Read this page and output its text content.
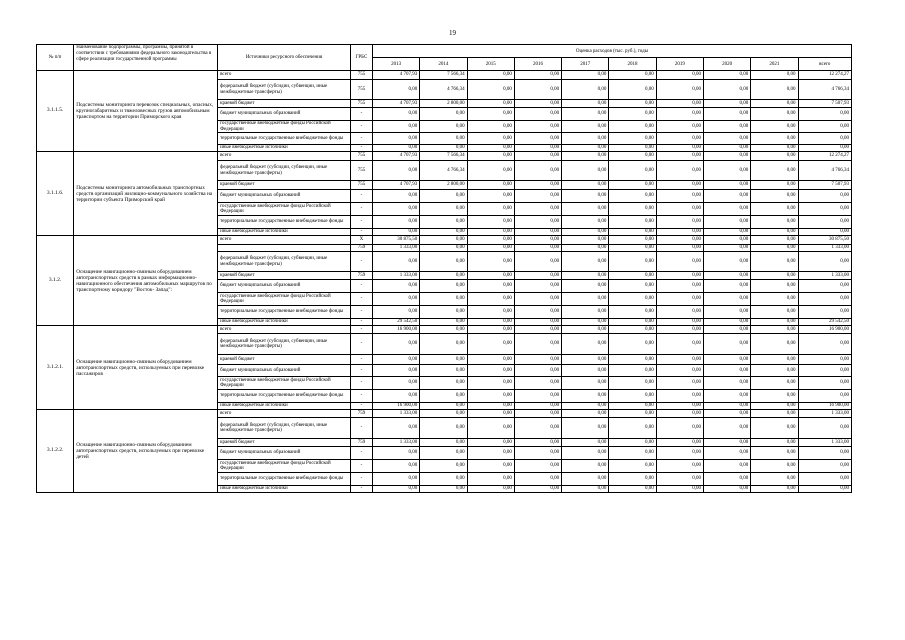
19
№ п/п	Наименование подпрограммы, программы, принятой в соответствии с требованиями федерального законодательства в сфере реализации государственной программы	Источники ресурсного обеспечения	ГРБС	Оценка расходов (тыс. руб.), годы									
				2013	2014	2015	2016	2017	2018	2019	2020	2021	всего
3.1.1.5.	Подсистемы мониторинга перевозок специальных, опасных, крупногабаритных и тяжеловесных грузов автомобильным транспортом на территории Приморского края	всего	755	4 707,93	7 566,34	0,00	0,00	0,00	0,00	0,00	0,00	0,00	12 274,27
		федеральный бюджет (субсидии, субвенции, иные межбюджетные трансферты)	755	0,00	4 766,34	0,00	0,00	0,00	0,00	0,00	0,00	0,00	4 766,34
		краевой бюджет	755	4 707,93	2 800,00	0,00	0,00	0,00	0,00	0,00	0,00	0,00	7 507,93
		бюджет муниципальных образований	-	0,00	0,00	0,00	0,00	0,00	0,00	0,00	0,00	0,00	0,00
		государственные внебюджетные фонды Российской Федерации	-	0,00	0,00	0,00	0,00	0,00	0,00	0,00	0,00	0,00	0,00
		территориальные государственные внебюджетные фонды	-	0,00	0,00	0,00	0,00	0,00	0,00	0,00	0,00	0,00	0,00
		иные внебюджетные источники	-	0,00	0,00	0,00	0,00	0,00	0,00	0,00	0,00	0,00	0,00
3.1.1.6.	Подсистемы мониторинга автомобильных транспортных средств организаций жилищно-коммунального хозяйства на территории субъекта Приморский край	всего	755	4 707,93	7 566,34	0,00	0,00	0,00	0,00	0,00	0,00	0,00	12 274,27
		федеральный бюджет (субсидии, субвенции, иные межбюджетные трансферты)	755	0,00	4 766,34	0,00	0,00	0,00	0,00	0,00	0,00	0,00	4 766,34
		краевой бюджет	755	4 707,93	2 800,00	0,00	0,00	0,00	0,00	0,00	0,00	0,00	7 507,93
		бюджет муниципальных образований	-	0,00	0,00	0,00	0,00	0,00	0,00	0,00	0,00	0,00	0,00
		государственные внебюджетные фонды Российской Федерации	-	0,00	0,00	0,00	0,00	0,00	0,00	0,00	0,00	0,00	0,00
		территориальные государственные внебюджетные фонды	-	0,00	0,00	0,00	0,00	0,00	0,00	0,00	0,00	0,00	0,00
		иные внебюджетные источники	-	0,00	0,00	0,00	0,00	0,00	0,00	0,00	0,00	0,00	0,00
3.1.2.	Оснащение навигационно-связным оборудованием автотранспортных средств в рамках информационно- навигационного обеспечения автомобильных маршрутов по транспортному коридору "Восток- Запад":	всего	X	30 875,50	0,00	0,00	0,00	0,00	0,00	0,00	0,00	0,00	30 875,50
			759	1 333,00	0,00	0,00	0,00	0,00	0,00	0,00	0,00	0,00	1 333,00
		федеральный бюджет (субсидии, субвенции, иные межбюджетные трансферты)	-	0,00	0,00	0,00	0,00	0,00	0,00	0,00	0,00	0,00	0,00
		краевой бюджет	759	1 333,00	0,00	0,00	0,00	0,00	0,00	0,00	0,00	0,00	1 333,00
		бюджет муниципальных образований	-	0,00	0,00	0,00	0,00	0,00	0,00	0,00	0,00	0,00	0,00
		государственные внебюджетные фонды Российской Федерации	-	0,00	0,00	0,00	0,00	0,00	0,00	0,00	0,00	0,00	0,00
		территориальные государственные внебюджетные фонды	-	0,00	0,00	0,00	0,00	0,00	0,00	0,00	0,00	0,00	0,00
		иные внебюджетные источники	-	29 542,50	0,00	0,00	0,00	0,00	0,00	0,00	0,00	0,00	29 542,50
3.1.2.1.	Оснащение навигационно-связным оборудованием автотранспортных средств, используемых при перевозке пассажиров	всего	-	16 900,00	0,00	0,00	0,00	0,00	0,00	0,00	0,00	0,00	16 900,00
		федеральный бюджет (субсидии, субвенции, иные межбюджетные трансферты)	-	0,00	0,00	0,00	0,00	0,00	0,00	0,00	0,00	0,00	0,00
		краевой бюджет	-	0,00	0,00	0,00	0,00	0,00	0,00	0,00	0,00	0,00	0,00
		бюджет муниципальных образований	-	0,00	0,00	0,00	0,00	0,00	0,00	0,00	0,00	0,00	0,00
		государственные внебюджетные фонды Российской Федерации	-	0,00	0,00	0,00	0,00	0,00	0,00	0,00	0,00	0,00	0,00
		территориальные государственные внебюджетные фонды	-	0,00	0,00	0,00	0,00	0,00	0,00	0,00	0,00	0,00	0,00
		иные внебюджетные источники	-	16 900,00	0,00	0,00	0,00	0,00	0,00	0,00	0,00	0,00	16 900,00
3.1.2.2.	Оснащение навигационно-связным оборудованием автотранспортных средств, используемых при перевозке детей	всего	759	1 333,00	0,00	0,00	0,00	0,00	0,00	0,00	0,00	0,00	1 333,00
		федеральный бюджет (субсидии, субвенции, иные межбюджетные трансферты)	-	0,00	0,00	0,00	0,00	0,00	0,00	0,00	0,00	0,00	0,00
		краевой бюджет	759	1 333,00	0,00	0,00	0,00	0,00	0,00	0,00	0,00	0,00	1 333,00
		бюджет муниципальных образований	-	0,00	0,00	0,00	0,00	0,00	0,00	0,00	0,00	0,00	0,00
		государственные внебюджетные фонды Российской Федерации	-	0,00	0,00	0,00	0,00	0,00	0,00	0,00	0,00	0,00	0,00
		территориальные государственные внебюджетные фонды	-	0,00	0,00	0,00	0,00	0,00	0,00	0,00	0,00	0,00	0,00
		иные внебюджетные источники	-	0,00	0,00	0,00	0,00	0,00	0,00	0,00	0,00	0,00	0,00
